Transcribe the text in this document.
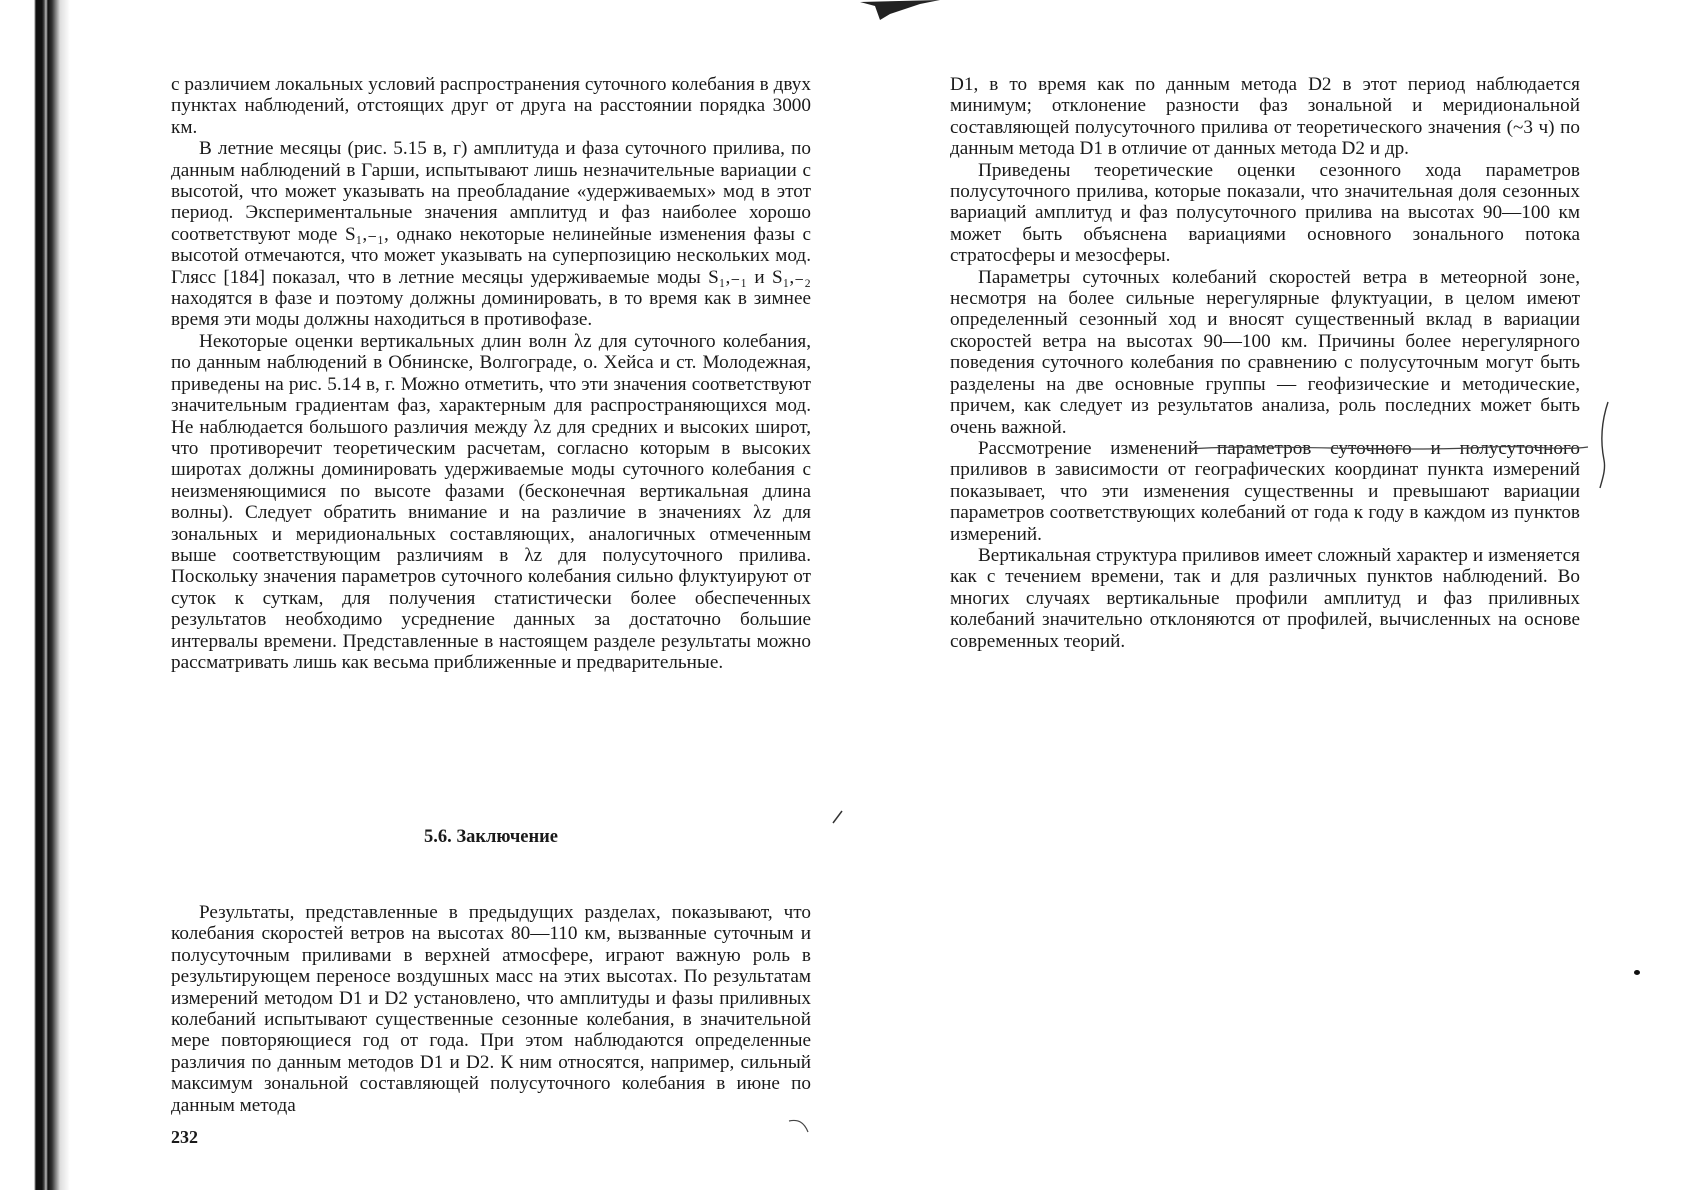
с различием локальных условий распространения суточного колебания в двух пунктах наблюдений, отстоящих друг от друга на расстоянии порядка 3000 км.

В летние месяцы (рис. 5.15 в, г) амплитуда и фаза суточного прилива, по данным наблюдений в Гарши, испытывают лишь незначительные вариации с высотой, что может указывать на преобладание «удерживаемых» мод в этот период. Экспериментальные значения амплитуд и фаз наиболее хорошо соответствуют моде S₁,₋₁, однако некоторые нелинейные изменения фазы с высотой отмечаются, что может указывать на суперпозицию нескольких мод. Глясс [184] показал, что в летние месяцы удерживаемые моды S₁,₋₁ и S₁,₋₂ находятся в фазе и поэтому должны доминировать, в то время как в зимнее время эти моды должны находиться в противофазе.

Некоторые оценки вертикальных длин волн λz для суточного колебания, по данным наблюдений в Обнинске, Волгограде, о. Хейса и ст. Молодежная, приведены на рис. 5.14 в, г. Можно отметить, что эти значения соответствуют значительным градиентам фаз, характерным для распространяющихся мод. Не наблюдается большого различия между λz для средних и высоких широт, что противоречит теоретическим расчетам, согласно которым в высоких широтах должны доминировать удерживаемые моды суточного колебания с неизменяющимися по высоте фазами (бесконечная вертикальная длина волны). Следует обратить внимание и на различие в значениях λz для зональных и меридиональных составляющих, аналогичных отмеченным выше соответствующим различиям в λz для полусуточного прилива. Поскольку значения параметров суточного колебания сильно флуктуируют от суток к суткам, для получения статистически более обеспеченных результатов необходимо усреднение данных за достаточно большие интервалы времени. Представленные в настоящем разделе результаты можно рассматривать лишь как весьма приближенные и предварительные.

5.6. Заключение

Результаты, представленные в предыдущих разделах, показывают, что колебания скоростей ветров на высотах 80—110 км, вызванные суточным и полусуточным приливами в верхней атмосфере, играют важную роль в результирующем переносе воздушных масс на этих высотах. По результатам измерений методом D1 и D2 установлено, что амплитуды и фазы приливных колебаний испытывают существенные сезонные колебания, в значительной мере повторяющиеся год от года. При этом наблюдаются определенные различия по данным методов D1 и D2. К ним относятся, например, сильный максимум зональной составляющей полусуточного колебания в июне по данным метода

232

D1, в то время как по данным метода D2 в этот период наблюдается минимум; отклонение разности фаз зональной и меридиональной составляющей полусуточного прилива от теоретического значения (~3 ч) по данным метода D1 в отличие от данных метода D2 и др.

Приведены теоретические оценки сезонного хода параметров полусуточного прилива, которые показали, что значительная доля сезонных вариаций амплитуд и фаз полусуточного прилива на высотах 90—100 км может быть объяснена вариациями основного зонального потока стратосферы и мезосферы.

Параметры суточных колебаний скоростей ветра в метеорной зоне, несмотря на более сильные нерегулярные флуктуации, в целом имеют определенный сезонный ход и вносят существенный вклад в вариации скоростей ветра на высотах 90—100 км. Причины более нерегулярного поведения суточного колебания по сравнению с полусуточным могут быть разделены на две основные группы — геофизические и методические, причем, как следует из результатов анализа, роль последних может быть очень важной.

Рассмотрение изменений параметров суточного и полусуточного приливов в зависимости от географических координат пункта измерений показывает, что эти изменения существенны и превышают вариации параметров соответствующих колебаний от года к году в каждом из пунктов измерений.

Вертикальная структура приливов имеет сложный характер и изменяется как с течением времени, так и для различных пунктов наблюдений. Во многих случаях вертикальные профили амплитуд и фаз приливных колебаний значительно отклоняются от профилей, вычисленных на основе современных теорий.
